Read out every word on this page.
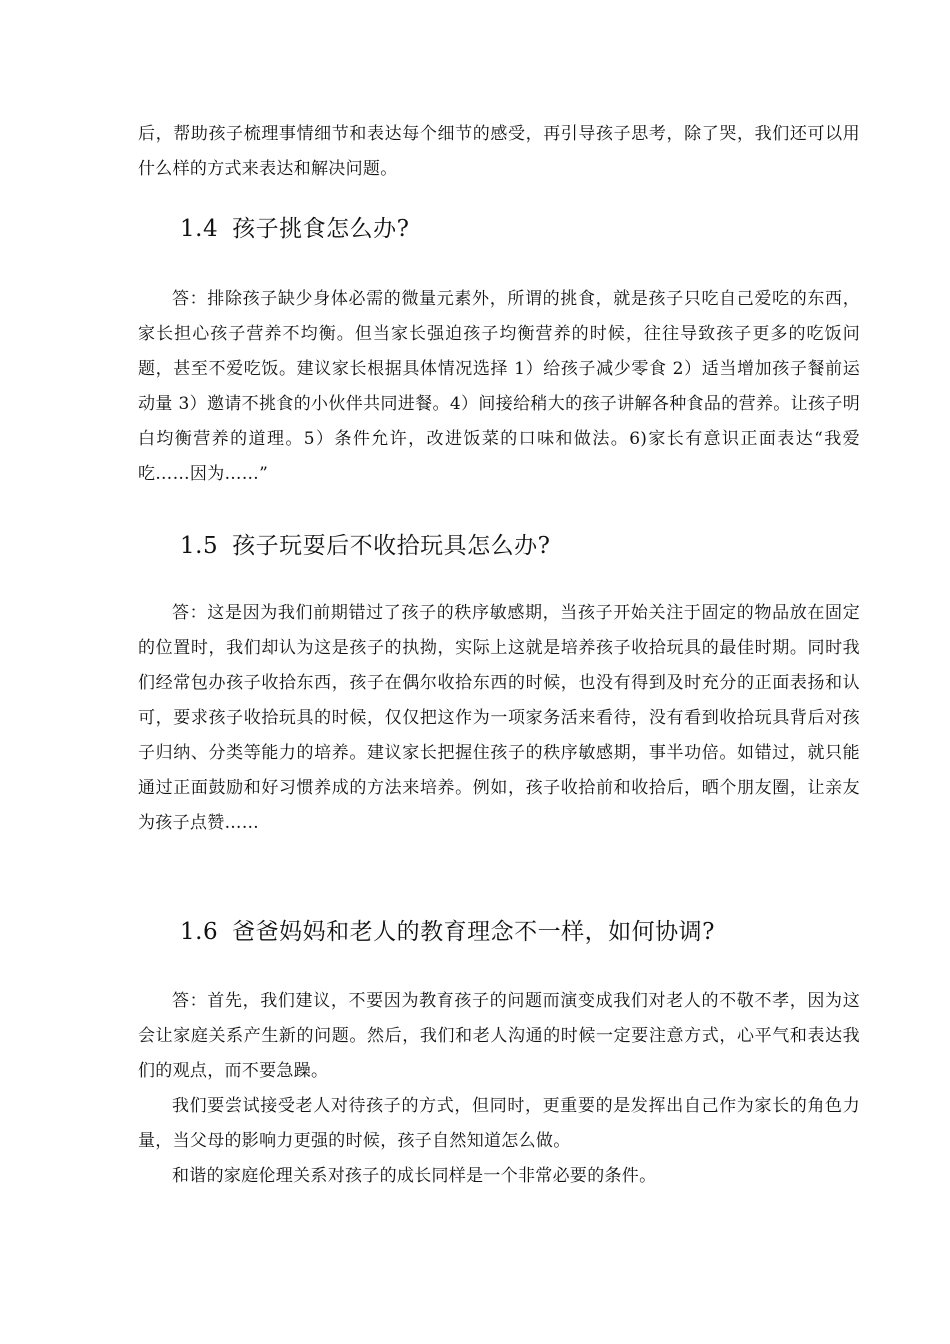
后，帮助孩子梳理事情细节和表达每个细节的感受，再引导孩子思考，除了哭，我们还可以用什么样的方式来表达和解决问题。

1.4 孩子挑食怎么办?

答：排除孩子缺少身体必需的微量元素外，所谓的挑食，就是孩子只吃自己爱吃的东西，家长担心孩子营养不均衡。但当家长强迫孩子均衡营养的时候，往往导致孩子更多的吃饭问题，甚至不爱吃饭。建议家长根据具体情况选择 1）给孩子减少零食 2）适当增加孩子餐前运动量 3）邀请不挑食的小伙伴共同进餐。4）间接给稍大的孩子讲解各种食品的营养。让孩子明白均衡营养的道理。5）条件允许，改进饭菜的口味和做法。6)家长有意识正面表达“我爱吃……因为……”

1.5 孩子玩耍后不收拾玩具怎么办?

答：这是因为我们前期错过了孩子的秩序敏感期，当孩子开始关注于固定的物品放在固定的位置时，我们却认为这是孩子的执拗，实际上这就是培养孩子收拾玩具的最佳时期。同时我们经常包办孩子收拾东西，孩子在偶尔收拾东西的时候，也没有得到及时充分的正面表扬和认可，要求孩子收拾玩具的时候，仅仅把这作为一项家务活来看待，没有看到收拾玩具背后对孩子归纳、分类等能力的培养。建议家长把握住孩子的秩序敏感期，事半功倍。如错过，就只能通过正面鼓励和好习惯养成的方法来培养。例如，孩子收拾前和收拾后，晒个朋友圈，让亲友为孩子点赞……

1.6 爸爸妈妈和老人的教育理念不一样，如何协调?

答：首先，我们建议，不要因为教育孩子的问题而演变成我们对老人的不敬不孝，因为这会让家庭关系产生新的问题。然后，我们和老人沟通的时候一定要注意方式，心平气和表达我们的观点，而不要急躁。

我们要尝试接受老人对待孩子的方式，但同时，更重要的是发挥出自己作为家长的角色力量，当父母的影响力更强的时候，孩子自然知道怎么做。

和谐的家庭伦理关系对孩子的成长同样是一个非常必要的条件。
